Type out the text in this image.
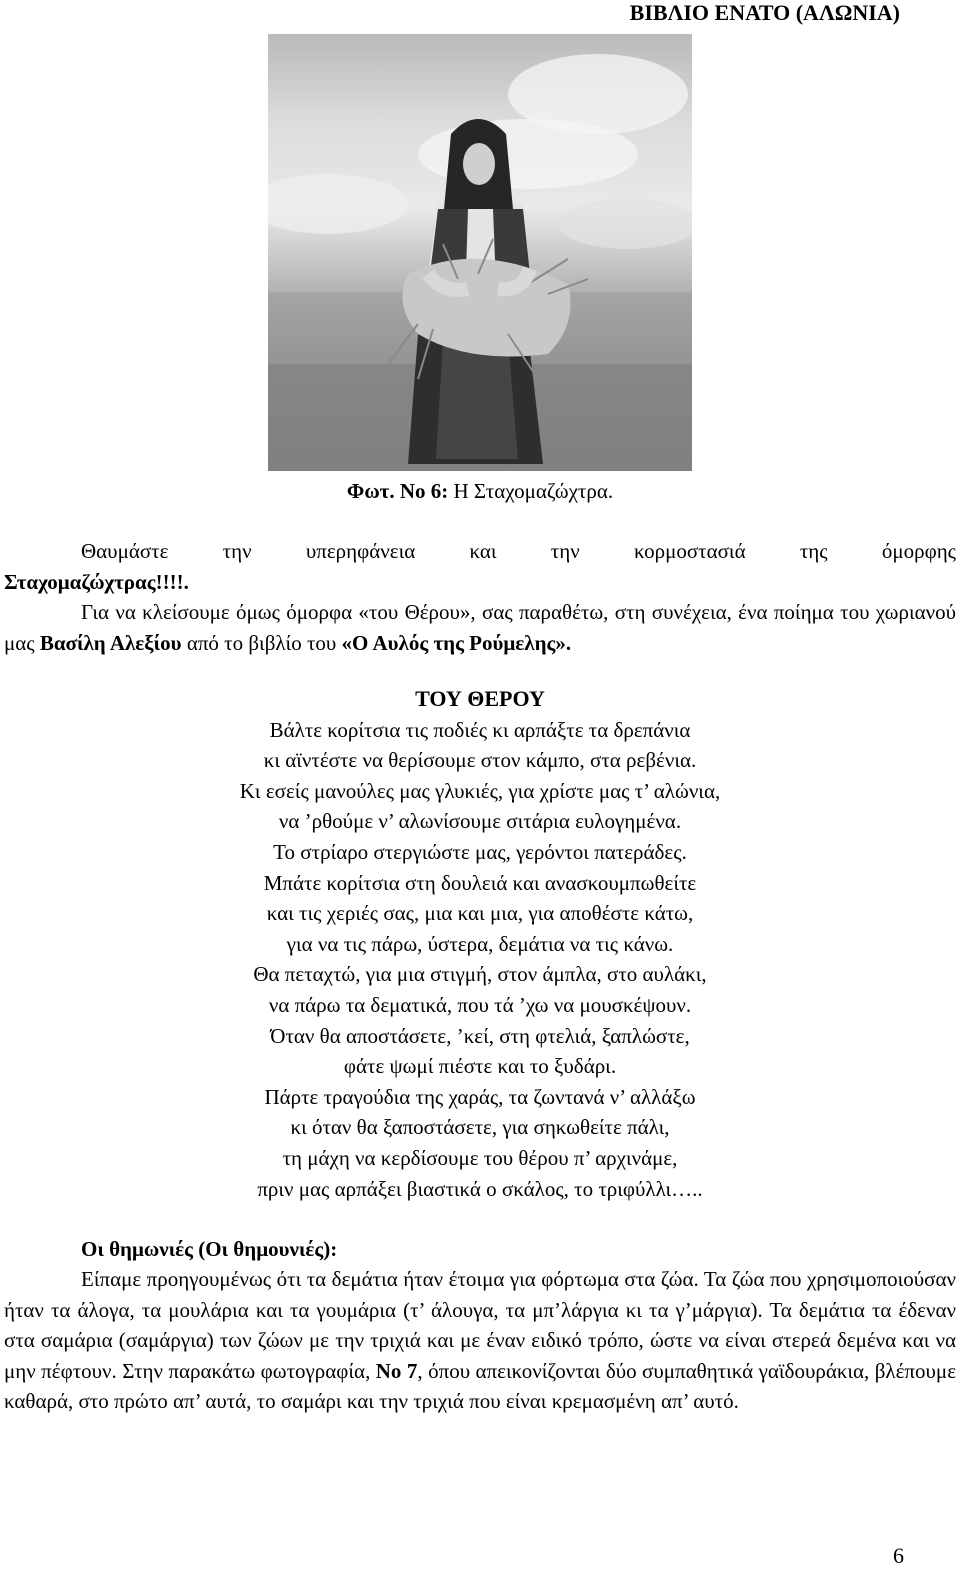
ΒΙΒΛΙΟ ΕΝΑΤΟ (ΑΛΩΝΙΑ)
Φωτ. Νο 6: Η Σταχομαζώχτρα.

Θαυμάστε την υπερηφάνεια και την κορμοστασιά της όμορφης

Σταχομαζώχτρας!!!!.

Για να κλείσουμε όμως όμορφα «του Θέρου», σας παραθέτω, στη συνέχεια, ένα ποίημα του χωριανού μας Βασίλη Αλεξίου από το βιβλίο του «Ο Αυλός της Ρούμελης».

ΤΟΥ ΘΕΡΟΥ
Βάλτε κορίτσια τις ποδιές κι αρπάξτε τα δρεπάνια
κι αϊντέστε να θερίσουμε στον κάμπο, στα ρεβένια.
Κι εσείς μανούλες μας γλυκιές, για χρίστε μας τ’ αλώνια,
να ’ρθούμε ν’ αλωνίσουμε σιτάρια ευλογημένα.
Το στρίαρο στεργιώστε μας, γερόντοι πατεράδες.
Μπάτε κορίτσια στη δουλειά και ανασκουμπωθείτε
και τις χεριές σας, μια και μια, για αποθέστε κάτω,
για να τις πάρω, ύστερα, δεμάτια να τις κάνω.
Θα πεταχτώ, για μια στιγμή, στον άμπλα, στο αυλάκι,
να πάρω τα δεματικά, που τά ’χω να μουσκέψουν.
Όταν θα αποστάσετε, ’κεί, στη φτελιά, ξαπλώστε,
φάτε ψωμί πιέστε και το ξυδάρι.
Πάρτε τραγούδια της χαράς, τα ζωντανά ν’ αλλάξω
κι όταν θα ξαποστάσετε, για σηκωθείτε πάλι,
τη μάχη να κερδίσουμε του θέρου π’ αρχινάμε,
πριν μας αρπάξει βιαστικά ο σκάλος, το τριφύλλι…..
Οι θημωνιές (Οι θημουνιές):

Είπαμε προηγουμένως ότι τα δεμάτια ήταν έτοιμα για φόρτωμα στα ζώα. Τα ζώα που χρησιμοποιούσαν ήταν τα άλογα, τα μουλάρια και τα γουμάρια (τ’ άλουγα, τα μπ’λάργια κι τα γ’μάργια). Τα δεμάτια τα έδεναν στα σαμάρια (σαμάργια) των ζώων με την τριχιά και με έναν ειδικό τρόπο, ώστε να είναι στερεά δεμένα και να μην πέφτουν. Στην παρακάτω φωτογραφία, Νο 7, όπου απεικονίζονται δύο συμπαθητικά γαϊδουράκια, βλέπουμε καθαρά, στο πρώτο απ’ αυτά, το σαμάρι και την τριχιά που είναι κρεμασμένη απ’ αυτό.

6
